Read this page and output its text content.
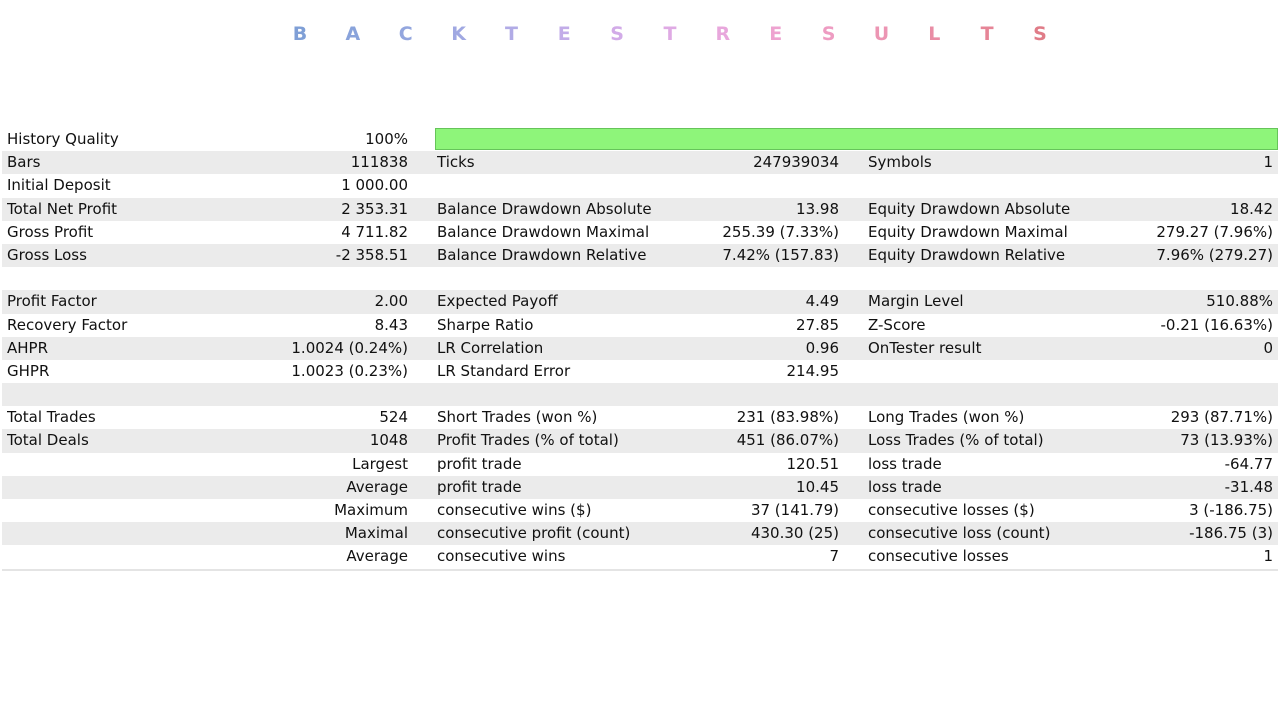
B A C K T E S T R E S U L T S
History Quality	100%
Bars	111838 Ticks	247939034 Symbols	1
Initial Deposit	1 000.00
Total Net Profit	2 353.31 Balance Drawdown Absolute	13.98 Equity Drawdown Absolute	18.42
Gross Profit	4 711.82 Balance Drawdown Maximal	255.39 (7.33%) Equity Drawdown Maximal	279.27 (7.96%)
Gross Loss	-2 358.51 Balance Drawdown Relative	7.42% (157.83) Equity Drawdown Relative	7.96% (279.27)
Profit Factor	2.00 Expected Payoff	4.49 Margin Level	510.88%
Recovery Factor	8.43 Sharpe Ratio	27.85 Z-Score	-0.21 (16.63%)
AHPR	1.0024 (0.24%) LR Correlation	0.96 OnTester result	0
GHPR	1.0023 (0.23%) LR Standard Error	214.95
Total Trades	524 Short Trades (won %)	231 (83.98%) Long Trades (won %)	293 (87.71%)
Total Deals	1048 Profit Trades (% of total)	451 (86.07%) Loss Trades (% of total)	73 (13.93%)
Largest profit trade	120.51 loss trade	-64.77
Average profit trade	10.45 loss trade	-31.48
Maximum consecutive wins ($)	37 (141.79) consecutive losses ($)	3 (-186.75)
Maximal consecutive profit (count)	430.30 (25) consecutive loss (count)	-186.75 (3)
Average consecutive wins	7 consecutive losses	1
